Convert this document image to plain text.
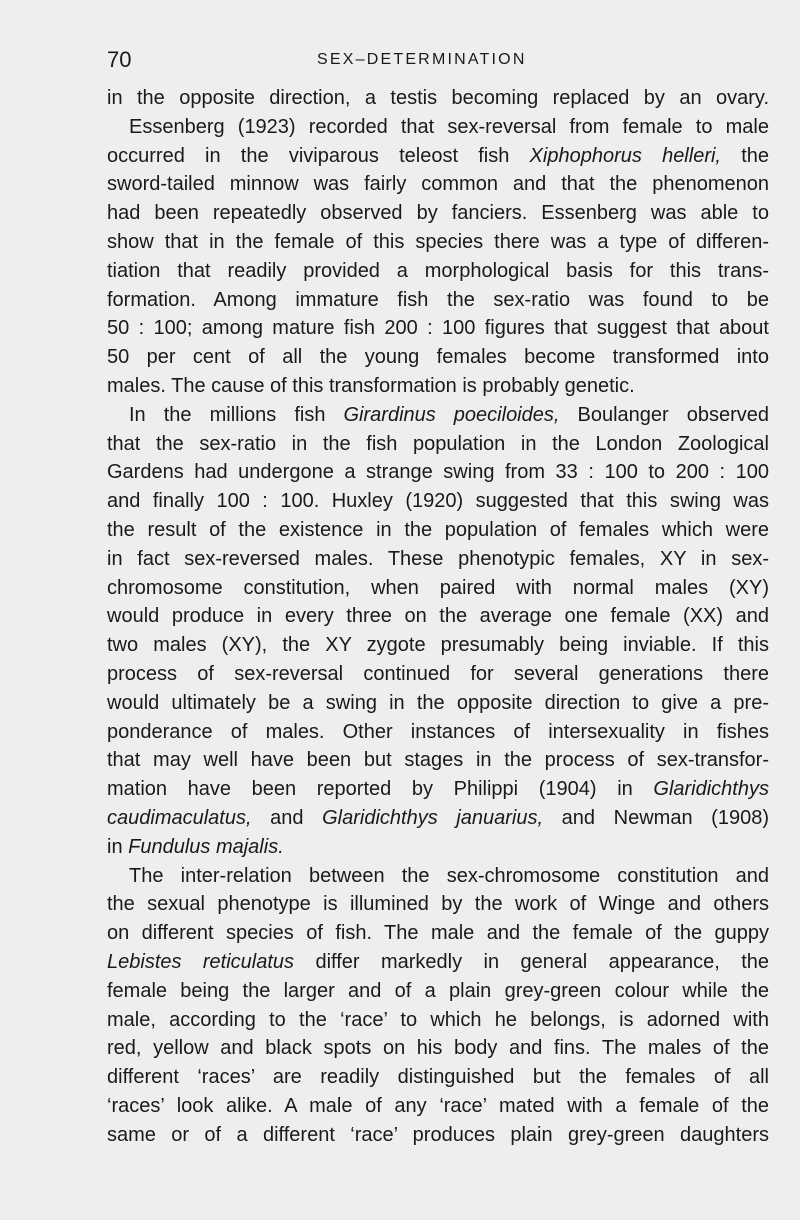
70	SEX–DETERMINATION
in the opposite direction, a testis becoming replaced by an ovary.
Essenberg (1923) recorded that sex-reversal from female to male
occurred in the viviparous teleost fish Xiphophorus helleri, the
sword-tailed minnow was fairly common and that the phenomenon
had been repeatedly observed by fanciers. Essenberg was able to
show that in the female of this species there was a type of differen-
tiation that readily provided a morphological basis for this trans-
formation. Among immature fish the sex-ratio was found to be
50 : 100; among mature fish 200 : 100 figures that suggest that about
50 per cent of all the young females become transformed into
males. The cause of this transformation is probably genetic.
In the millions fish Girardinus poeciloides, Boulanger observed
that the sex-ratio in the fish population in the London Zoological
Gardens had undergone a strange swing from 33 : 100 to 200 : 100
and finally 100 : 100. Huxley (1920) suggested that this swing was
the result of the existence in the population of females which were
in fact sex-reversed males. These phenotypic females, XY in sex-
chromosome constitution, when paired with normal males (XY)
would produce in every three on the average one female (XX) and
two males (XY), the XY zygote presumably being inviable. If this
process of sex-reversal continued for several generations there
would ultimately be a swing in the opposite direction to give a pre-
ponderance of males. Other instances of intersexuality in fishes
that may well have been but stages in the process of sex-transfor-
mation have been reported by Philippi (1904) in Glaridichthys
caudimaculatus, and Glaridichthys januarius, and Newman (1908)
in Fundulus majalis.
The inter-relation between the sex-chromosome constitution and
the sexual phenotype is illumined by the work of Winge and others
on different species of fish. The male and the female of the guppy
Lebistes reticulatus differ markedly in general appearance, the
female being the larger and of a plain grey-green colour while the
male, according to the ‘race’ to which he belongs, is adorned with
red, yellow and black spots on his body and fins. The males of the
different ‘races’ are readily distinguished but the females of all
‘races’ look alike. A male of any ‘race’ mated with a female of the
same or of a different ‘race’ produces plain grey-green daughters
